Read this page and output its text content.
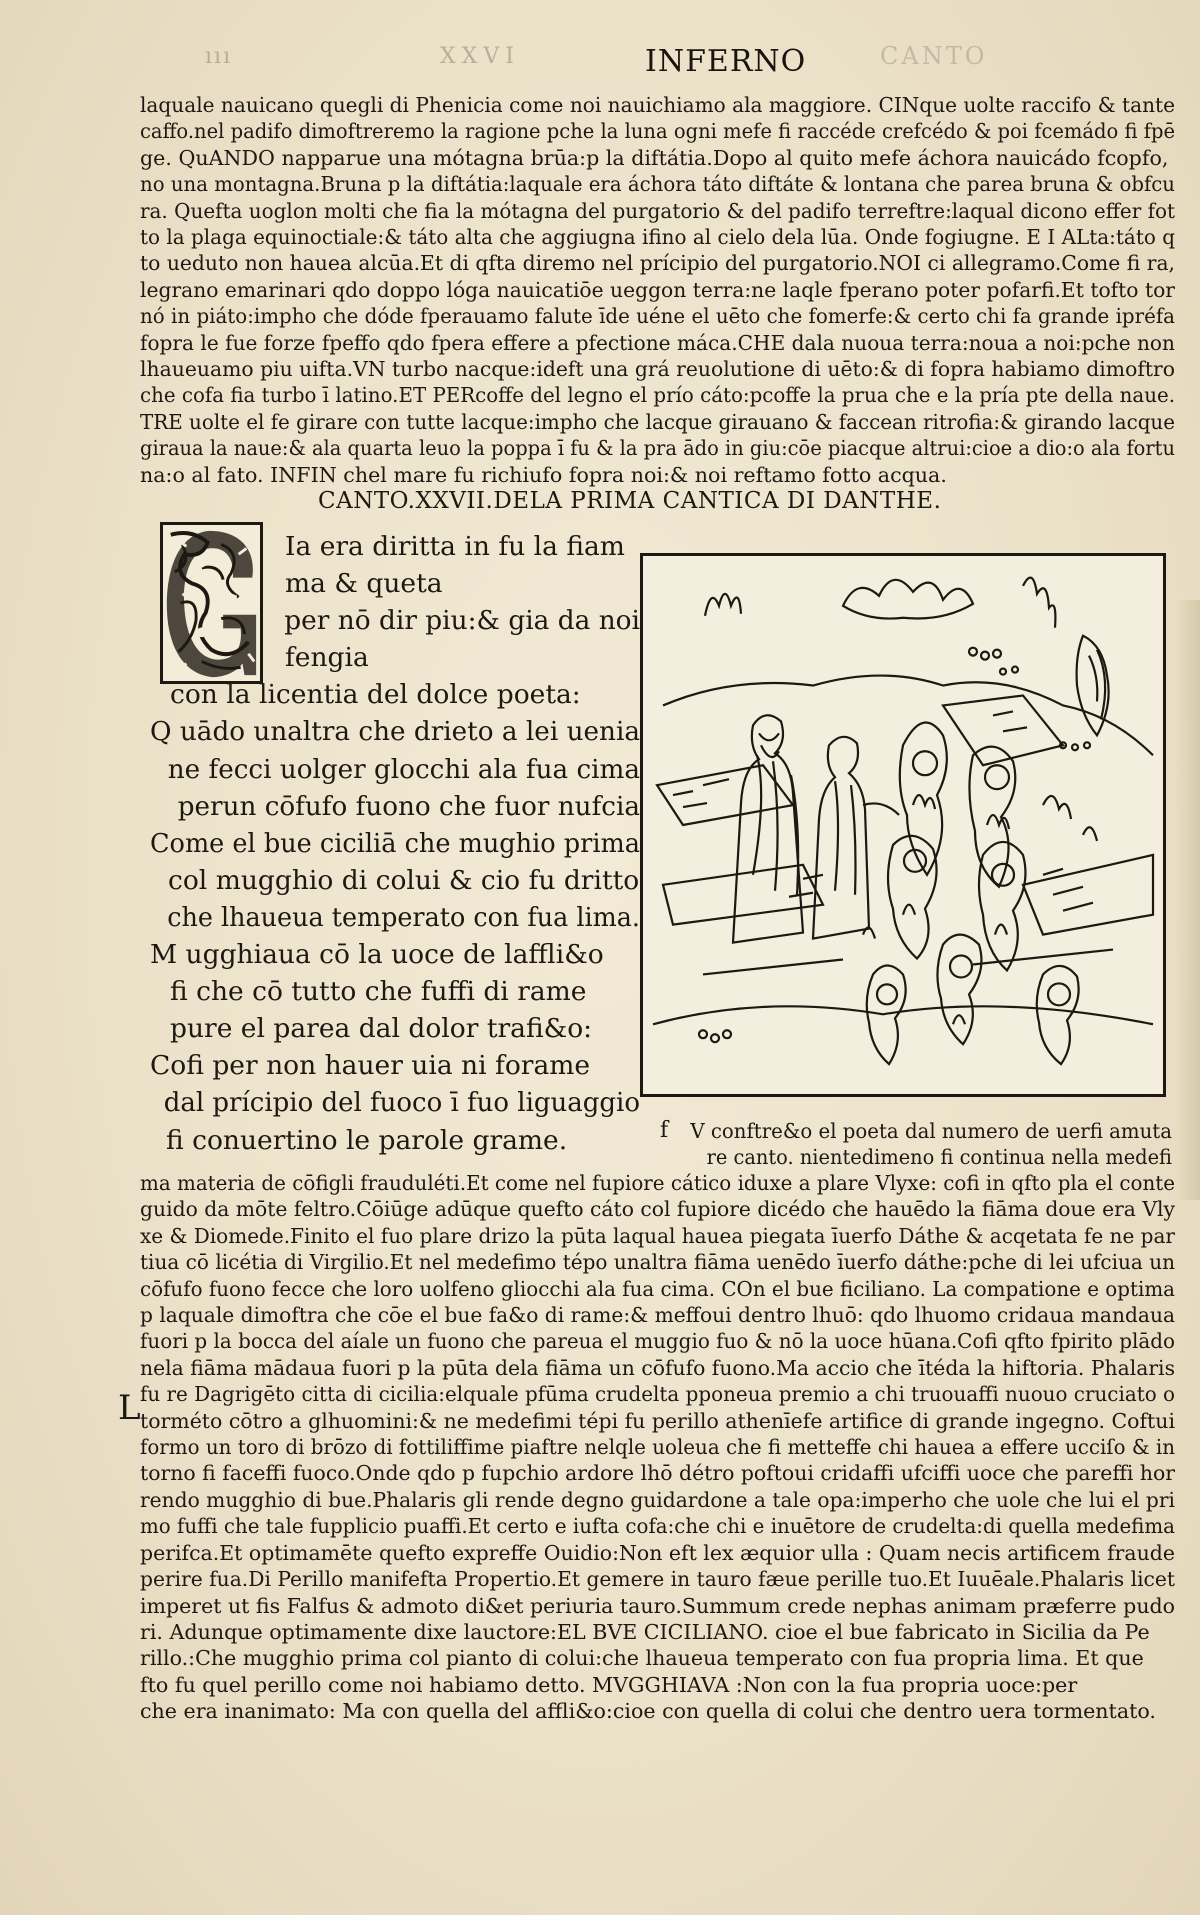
ııı	XXVI	CANTO
INFERNO
laquale nauicano quegli di Phenicia come noi nauichiamo ala maggiore. CINque uolte raccifo & tante
caffo.nel padifo dimoftreremo la ragione pche la luna ogni mefe fi raccéde crefcédo & poi fcemádo fi fpē
ge. QuANDO napparue una mótagna brūa:p la diftátia.Dopo al quito mefe áchora nauicádo fcopfo,
no una montagna.Bruna p la diftátia:laquale era áchora táto diftáte & lontana che parea bruna & obfcu
ra. Quefta uoglon molti che fia la mótagna del purgatorio & del padifo terreftre:laqual dicono effer fot
to la plaga equinoctiale:& táto alta che aggiugna ifino al cielo dela lūa. Onde fogiugne. E I ALta:táto q
to ueduto non hauea alcūa.Et di qfta diremo nel prícipio del purgatorio.NOI ci allegramo.Come fi ra,
legrano emarinari qdo doppo lóga nauicatiōe ueggon terra:ne laqle fperano poter pofarfi.Et tofto tor
nó in piáto:impho che dóde fperauamo falute īde uéne el uēto che fomerfe:& certo chi fa grande ipréfa
fopra le fue forze fpeffo qdo fpera effere a pfectione máca.CHE dala nuoua terra:noua a noi:pche non
lhaueuamo piu uifta.VN turbo nacque:ideft una grá reuolutione di uēto:& di fopra habiamo dimoftro
che cofa fia turbo ī latino.ET PERcoffe del legno el prío cáto:pcoffe la prua che e la pría pte della naue.
TRE uolte el fe girare con tutte lacque:impho che lacque girauano & faccean ritrofia:& girando lacque
giraua la naue:& ala quarta leuo la poppa ī fu & la pra ādo in giu:cōe piacque altrui:cioe a dio:o ala fortu
na:o al fato. INFIN chel mare fu richiufo fopra noi:& noi reftamo fotto acqua.
CANTO.XXVII.DELA PRIMA CANTICA DI DANTHE.
Ia era diritta in fu la fiam
ma & queta
per nō dir piu:& gia da noi
fengia
con la licentia del dolce poeta:
Q uādo unaltra che drieto a lei uenia
ne fecci uolger glocchi ala fua cima
perun cōfufo fuono che fuor nufcia
Come el bue ciciliā che mughio prima
col mugghio di colui & cio fu dritto
che lhaueua temperato con fua lima.
M ugghiaua cō la uoce de laffli&o
fi che cō tutto che fuffi di rame
pure el parea dal dolor trafi&o:
Cofi per non hauer uia ni forame
dal prícipio del fuoco ī fuo liguaggio
fi conuertino le parole grame.	f	V conftre&o el poeta dal numero de uerfi amuta
re canto. nientedimeno fi continua nella medefi
L
ma materia de cōfigli frauduléti.Et come nel fupiore cático iduxe a plare Vlyxe: cofi in qfto pla el conte
guido da mōte feltro.Cōiūge adūque quefto cáto col fupiore dicédo che hauēdo la fiāma doue era Vly
xe & Diomede.Finito el fuo plare drizo la pūta laqual hauea piegata īuerfo Dáthe & acqetata fe ne par
tiua cō licétia di Virgilio.Et nel medefimo tépo unaltra fiāma uenēdo īuerfo dáthe:pche di lei ufciua un
cōfufo fuono fecce che loro uolfeno gliocchi ala fua cima. COn el bue ficiliano. La compatione e optima
p laquale dimoftra che cōe el bue fa&o di rame:& meffoui dentro lhuō: qdo lhuomo cridaua mandaua
fuori p la bocca del aíale un fuono che pareua el muggio fuo & nō la uoce hūana.Cofi qfto fpirito plādo
nela fiāma mādaua fuori p la pūta dela fiāma un cōfufo fuono.Ma accio che ītéda la hiftoria. Phalaris
fu re Dagrigēto citta di cicilia:elquale pfūma crudelta pponeua premio a chi truouaffi nuouo cruciato o
torméto cōtro a glhuomini:& ne medefimi tépi fu perillo athenīefe artifice di grande ingegno. Coftui
formo un toro di brōzo di fottiliffime piaftre nelqle uoleua che fi metteffe chi hauea a effere ucciſo & in
torno fi faceffi fuoco.Onde qdo p fupchio ardore lhō détro poftoui cridaffi ufciffi uoce che pareffi hor
rendo mugghio di bue.Phalaris gli rende degno guidardone a tale opa:imperho che uole che lui el pri
mo fuffi che tale fupplicio puaffi.Et certo e iufta cofa:che chi e inuētore de crudelta:di quella medefima
perifca.Et optimamēte quefto expreffe Ouidio:Non eft lex æquior ulla : Quam necis artificem fraude
perire fua.Di Perillo manifefta Propertio.Et gemere in tauro fæue perille tuo.Et Iuuēale.Phalaris licet
imperet ut fis Falfus & admoto di&et periuria tauro.Summum crede nephas animam præferre pudo
ri. Adunque optimamente dixe lauctore:EL BVE CICILIANO. cioe el bue fabricato in Sicilia da Pe
rillo.:Che mugghio prima col pianto di colui:che lhaueua temperato con fua propria lima. Et que
fto fu quel perillo come noi habiamo detto. MVGGHIAVA :Non con la fua propria uoce:per
che era inanimato: Ma con quella del affli&o:cioe con quella di colui che dentro uera tormentato.
